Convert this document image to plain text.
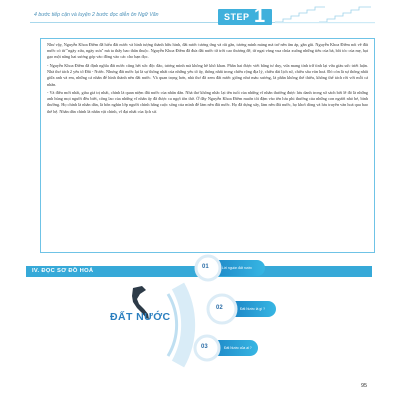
4 bước tiếp cận và luyện 2 bước đọc diễn ôn Ngữ Văn	STEP 1

Như vậy, Nguyễn Khoa Điềm đã hiểu đất nước và hình tượng thành hữu hình, đất nước tương ứng và rất gần, tương mình mảng mà trở nên ấm áp, gần gũi. Nguyễn Khoa Điềm nói về đất nước có từ "ngày xửa, ngày xưa" mà ta thấy bao thân thuộc. Nguyễn Khoa Điềm đã đưa đất nước từ trời cao thương đế, từ ngai vàng vua chúa xuống những tiếu của bà, bồi tóc của mẹ, hạt gạo một nắng hai sương góp vào đồng vào các cho bạn đọc.

- Nguyễn Khoa Điềm đã định nghĩa đất nước cũng hết sức độc đáo, tương mình mà không hề khô khan. Phần hai được viết bằng tư duy, vừa mang tính trữ tình lại vừa giàu sức triết luận. Nhà thơ tách 2 yếu tố Đất - Nước. Nhưng đất nước lại là sự thống nhất của những yếu tố ấy, thống nhất trong chiều rộng địa lý, chiều dài lịch sử, chiều sâu văn hoá. Đó còn là sự thống nhất giữa anh và em, những cá nhân để hình thành nên đất nước. Và quan trọng hơn, nhà thơ đã xem đất nước giống như máu xương, là phần không thể thiếu, không thể tách rời với mỗi cá nhân.

- Và điều mới nhất, giàu giá trị nhất, chính là quan niệm đất nước của nhân dân. Nhà thơ không nhắc lại tên tuổi của những vĩ nhân thường được lưu danh trong sử sách bởi lẽ đó là những anh hùng mọi người đều biết, công lao của những vĩ nhân ấy đã được ca ngợi tôn thờ. Ở đây Nguyễn Khoa Điềm muốn tôi đậm vào tên lưu phi thường của những con người nhỏ bé, bình thường. Họ chính là nhân dân, là bốn nghìn lớp người chính hằng cuộc sống của mình để làm nên đất nước. Họ đã dựng xây, làm nên đất nước, họ khơi dòng và lưu truyền văn hoá qua bao thế hệ. Nhân dân chính là nhân vật chính, vĩ đại nhất của lịch sử.

IV. ĐỌC SƠ ĐỒ HOÁ
ĐẤT NƯỚC
01	Lời nguồn đất nước
02	Đất Nước là gì ?
03	Đất Nước của ai ?
95
